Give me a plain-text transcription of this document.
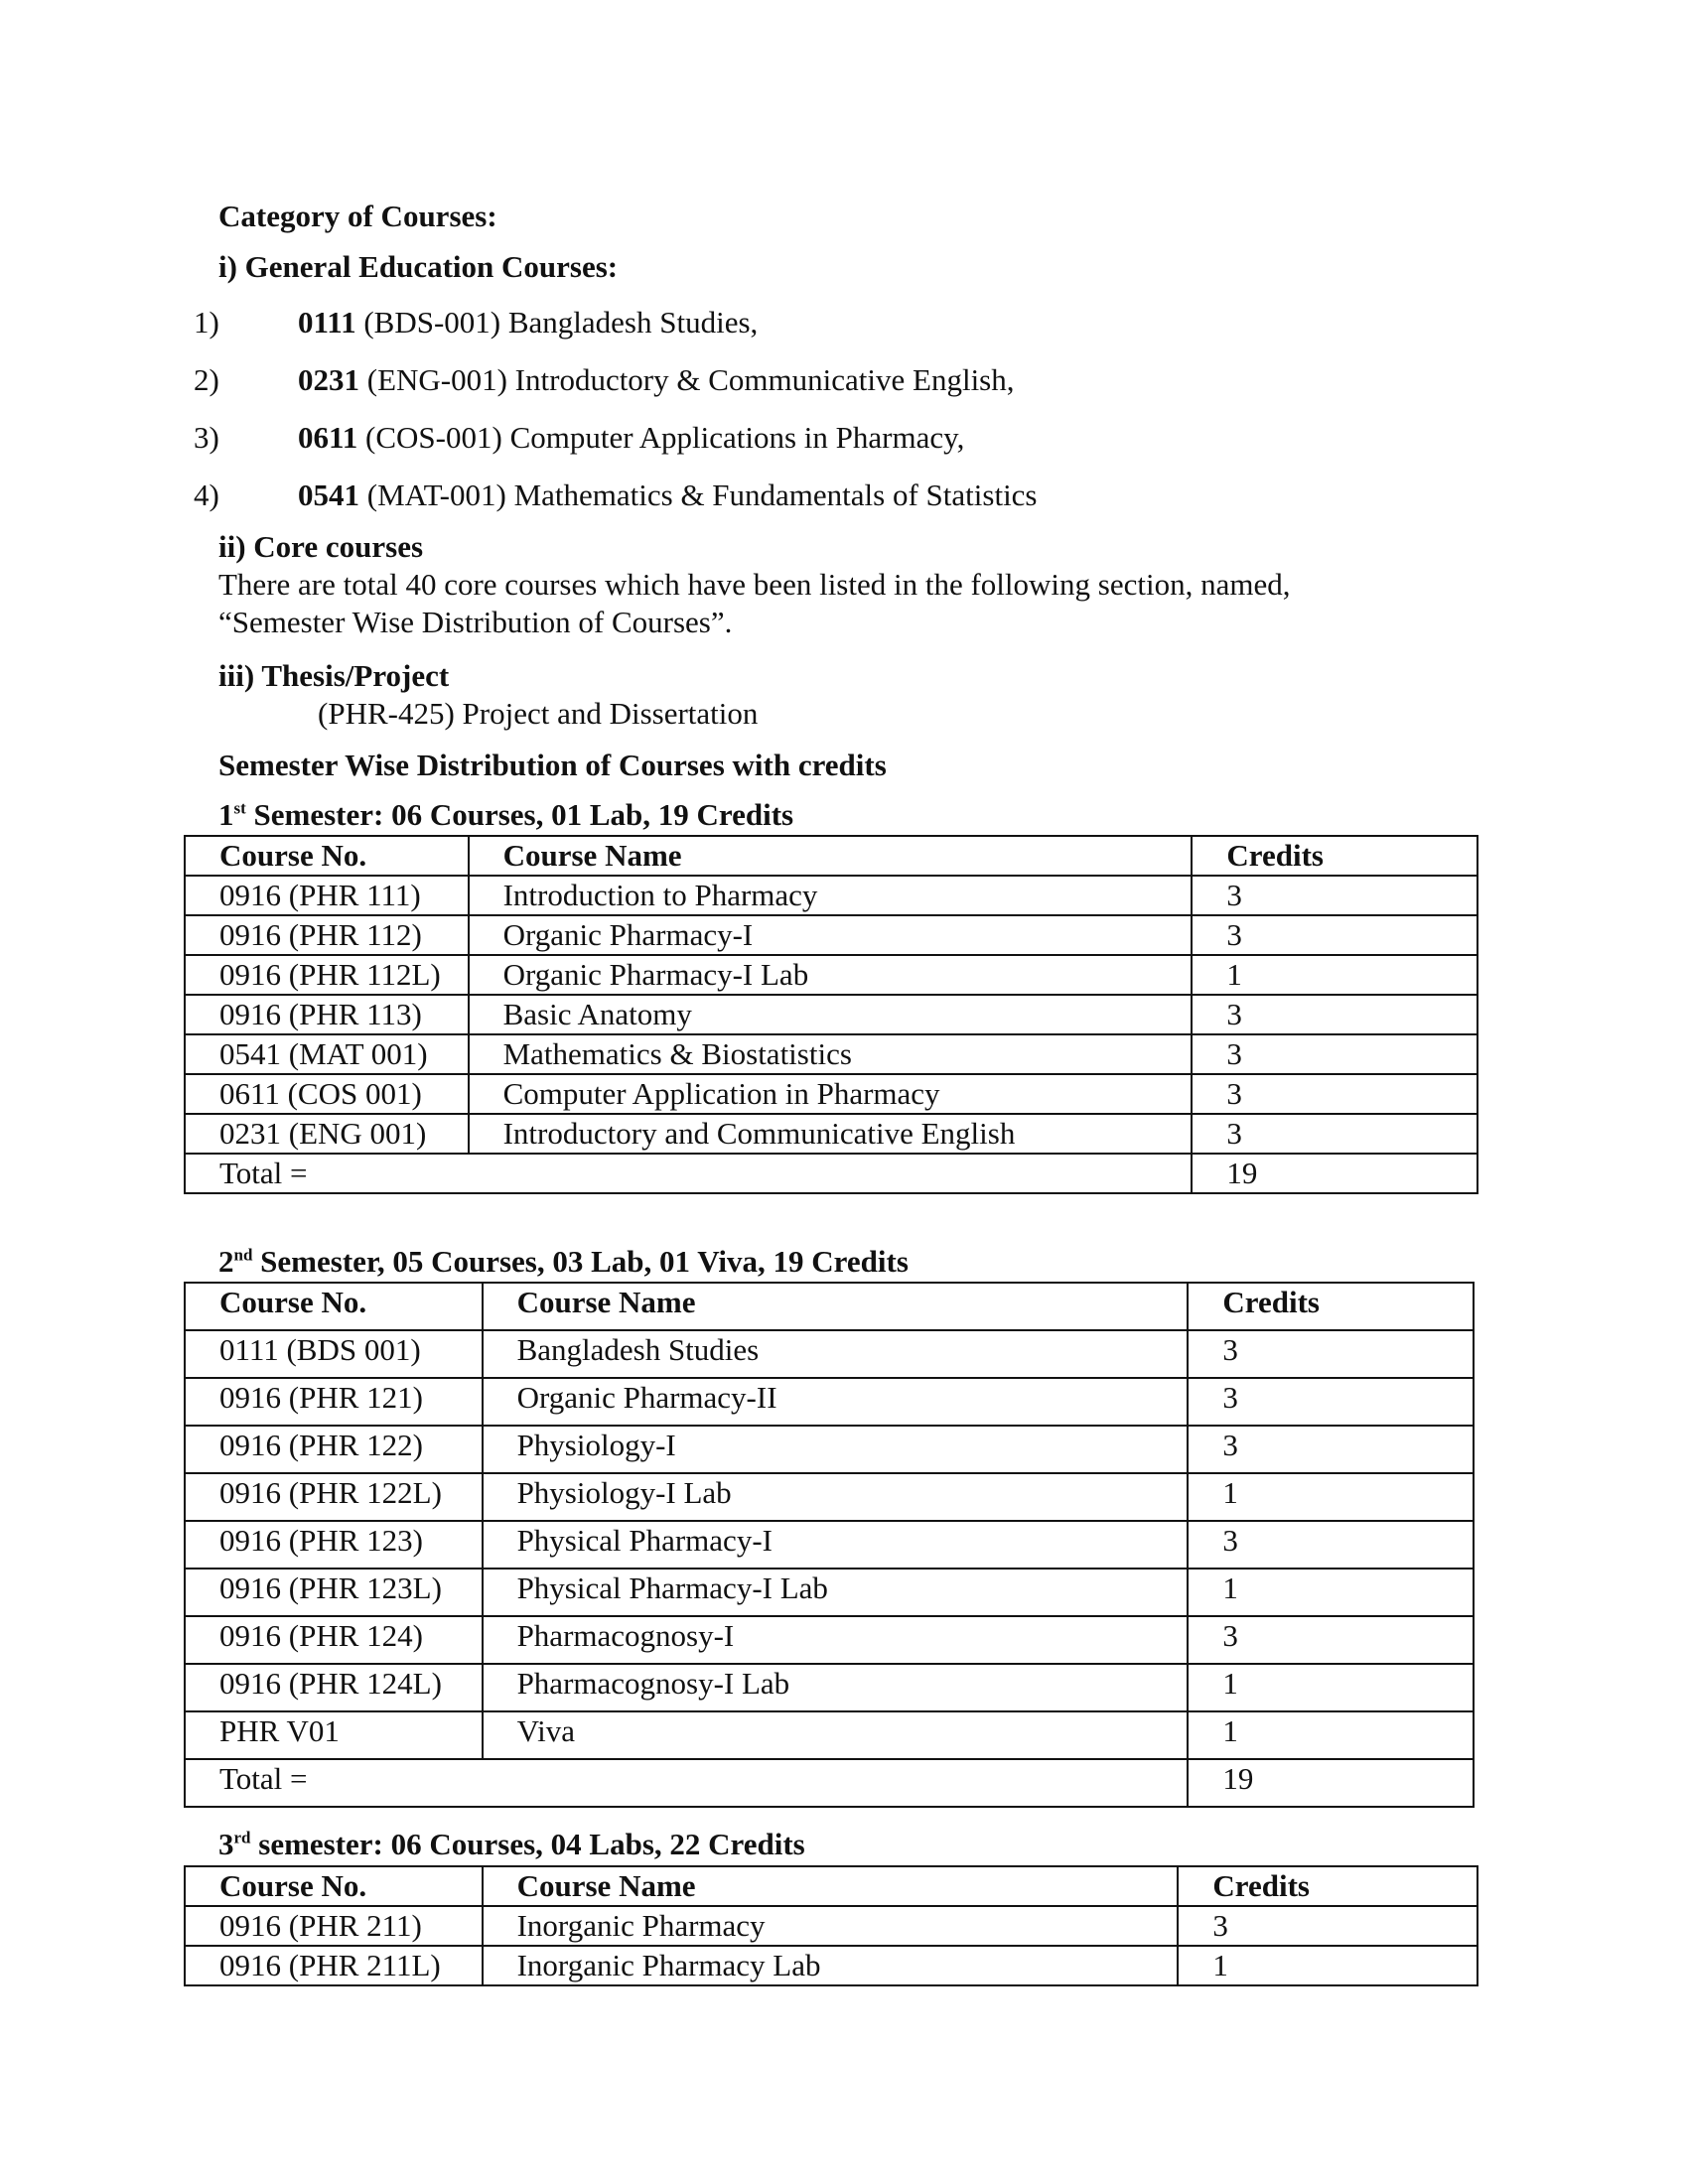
Category of Courses:
i) General Education Courses:
1)	0111 (BDS-001) Bangladesh Studies,
2)	0231 (ENG-001) Introductory & Communicative English,
3)	0611 (COS-001) Computer Applications in Pharmacy,
4)	0541 (MAT-001) Mathematics & Fundamentals of Statistics
ii) Core courses
There are total 40 core courses which have been listed in the following section, named,
“Semester Wise Distribution of Courses”.
iii) Thesis/Project
(PHR-425) Project and Dissertation
Semester Wise Distribution of Courses with credits
1st Semester: 06 Courses, 01 Lab, 19 Credits
Course No.	Course Name	Credits
0916 (PHR 111)	Introduction to Pharmacy	3
0916 (PHR 112)	Organic Pharmacy-I	3
0916 (PHR 112L)	Organic Pharmacy-I Lab	1
0916 (PHR 113)	Basic Anatomy	3
0541 (MAT 001)	Mathematics & Biostatistics	3
0611 (COS 001)	Computer Application in Pharmacy	3
0231 (ENG 001)	Introductory and Communicative English	3
Total =		19
2nd Semester, 05 Courses, 03 Lab, 01 Viva, 19 Credits
Course No.	Course Name	Credits
0111 (BDS 001)	Bangladesh Studies	3
0916 (PHR 121)	Organic Pharmacy-II	3
0916 (PHR 122)	Physiology-I	3
0916 (PHR 122L)	Physiology-I Lab	1
0916 (PHR 123)	Physical Pharmacy-I	3
0916 (PHR 123L)	Physical Pharmacy-I Lab	1
0916 (PHR 124)	Pharmacognosy-I	3
0916 (PHR 124L)	Pharmacognosy-I Lab	1
PHR V01	Viva	1
Total =		19
3rd semester: 06 Courses, 04 Labs, 22 Credits
Course No.	Course Name	Credits
0916 (PHR 211)	Inorganic Pharmacy	3
0916 (PHR 211L)	Inorganic Pharmacy Lab	1
